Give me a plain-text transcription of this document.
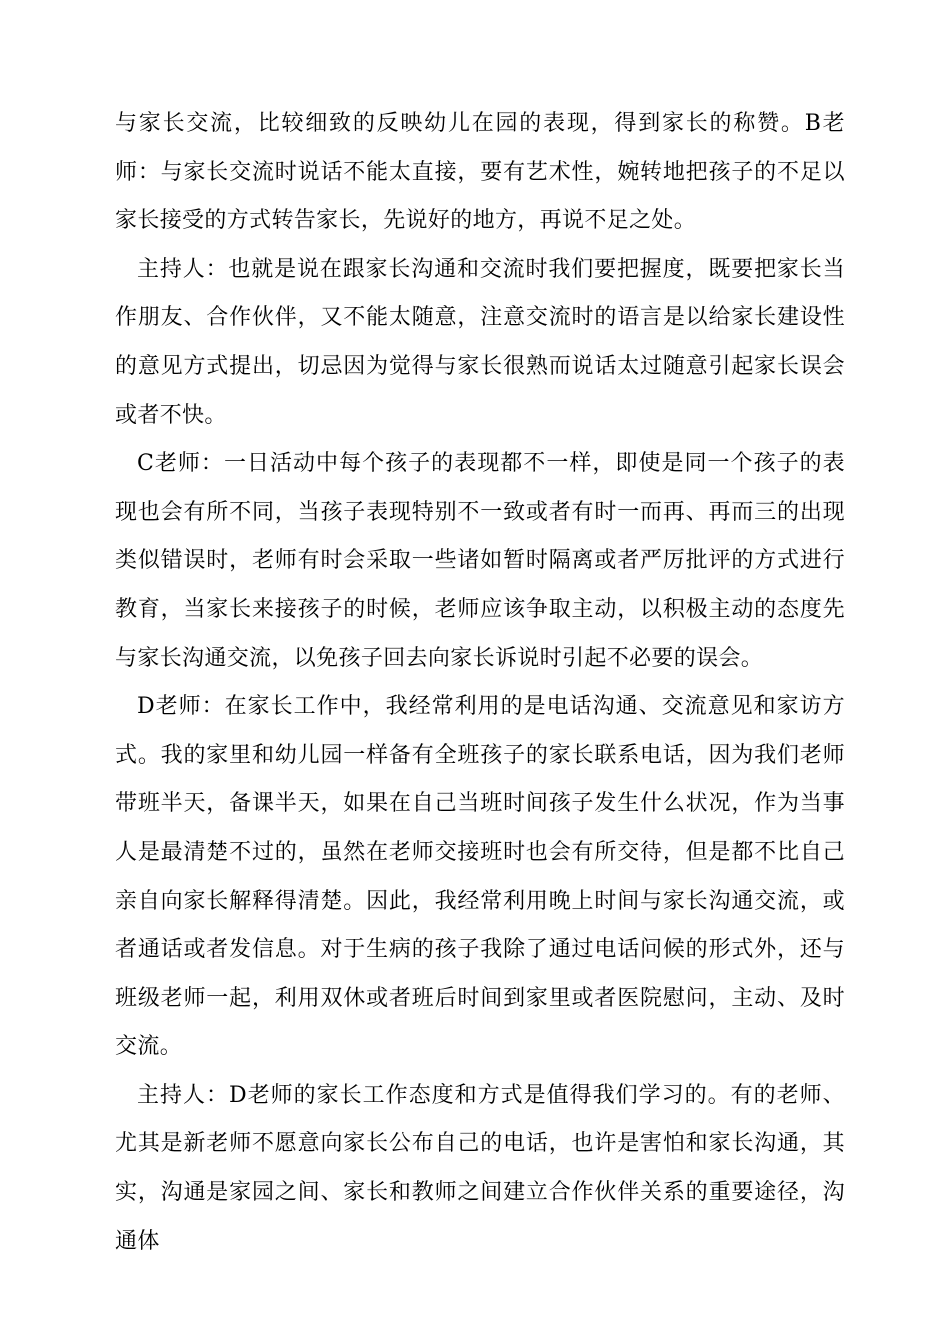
与家长交流，比较细致的反映幼儿在园的表现，得到家长的称赞。B老师：与家长交流时说话不能太直接，要有艺术性，婉转地把孩子的不足以家长接受的方式转告家长，先说好的地方，再说不足之处。

主持人：也就是说在跟家长沟通和交流时我们要把握度，既要把家长当作朋友、合作伙伴，又不能太随意，注意交流时的语言是以给家长建设性的意见方式提出，切忌因为觉得与家长很熟而说话太过随意引起家长误会或者不快。

C老师：一日活动中每个孩子的表现都不一样，即使是同一个孩子的表现也会有所不同，当孩子表现特别不一致或者有时一而再、再而三的出现类似错误时，老师有时会采取一些诸如暂时隔离或者严厉批评的方式进行教育，当家长来接孩子的时候，老师应该争取主动，以积极主动的态度先与家长沟通交流，以免孩子回去向家长诉说时引起不必要的误会。

D老师：在家长工作中，我经常利用的是电话沟通、交流意见和家访方式。我的家里和幼儿园一样备有全班孩子的家长联系电话，因为我们老师带班半天，备课半天，如果在自己当班时间孩子发生什么状况，作为当事人是最清楚不过的，虽然在老师交接班时也会有所交待，但是都不比自己亲自向家长解释得清楚。因此，我经常利用晚上时间与家长沟通交流，或者通话或者发信息。对于生病的孩子我除了通过电话问候的形式外，还与班级老师一起，利用双休或者班后时间到家里或者医院慰问，主动、及时交流。

主持人：D老师的家长工作态度和方式是值得我们学习的。有的老师、尤其是新老师不愿意向家长公布自己的电话，也许是害怕和家长沟通，其实，沟通是家园之间、家长和教师之间建立合作伙伴关系的重要途径，沟通体
